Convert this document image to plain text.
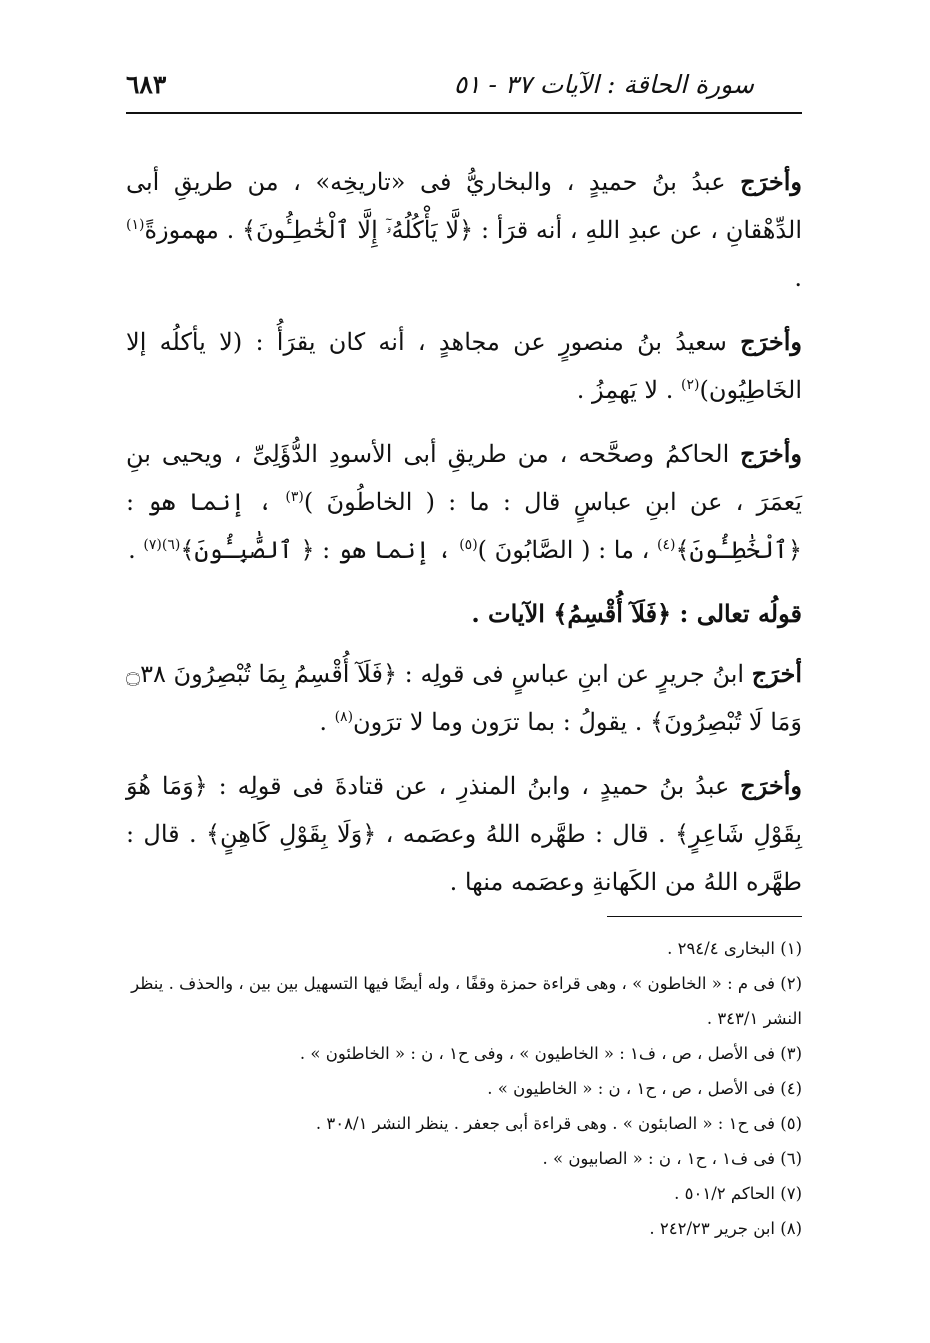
سورة الحاقة : الآيات ٣٧ - ٥١
٦٨٣

وأخرَج عبدُ بنُ حميدٍ ، والبخاريُّ فى «تاريخِه» ، من طريقِ أبى الدِّهْقانِ ، عن عبدِ اللهِ ، أنه قرَأ : ﴿لَّا يَأْكُلُهُۥٓ إِلَّا ٱلْخَٰطِـُٔونَ﴾ . مهموزةً$^{(١)}$ .

وأخرَج سعيدُ بنُ منصورٍ عن مجاهدٍ ، أنه كان يقرَأُ : (لا يأكلُه إلا الخَاطِيُون)$^{(٢)}$ . لا يَهمِزُ .

وأخرَج الحاكمُ وصحَّحه ، من طريقِ أبى الأسودِ الدُّؤَلِىِّ ، ويحيى بنِ يَعمَرَ ، عن ابنِ عباسٍ قال : ما : ( الخاطُونَ )$^{(٣)}$ ، إنما هو : ﴿ٱلْخَٰطِـُٔونَ﴾$^{(٤)}$ ، ما : ( الصَّابُونَ )$^{(٥)}$ ، إنما هو : ﴿ ٱلصَّٰبِـُٔونَ﴾$^{(٦)(٧)}$ .

قولُه تعالى : ﴿فَلَآ أُقْسِمُ﴾ الآيات .

أخرَج ابنُ جريرٍ عن ابنِ عباسٍ فى قولِه : ﴿فَلَآ أُقْسِمُ بِمَا تُبْصِرُونَ ۝٣٨ وَمَا لَا تُبْصِرُونَ﴾ . يقولُ : بما ترَون وما لا ترَون$^{(٨)}$ .

وأخرَج عبدُ بنُ حميدٍ ، وابنُ المنذرِ ، عن قتادةَ فى قولِه : ﴿وَمَا هُوَ بِقَوْلِ شَاعِرٍ﴾ . قال : طهَّره اللهُ وعصَمه ، ﴿وَلَا بِقَوْلِ كَاهِنٍ﴾ . قال : طهَّره اللهُ من الكَهانةِ وعصَمه منها .

(١) البخارى ٢٩٤/٤ .

(٢) فى م : « الخاطون » ، وهى قراءة حمزة وقفًا ، وله أيضًا فيها التسهيل بين بين ، والحذف . ينظر النشر ٣٤٣/١ .

(٣) فى الأصل ، ص ، ف١ : « الخاطيون » ، وفى ح١ ، ن : « الخاطئون » .

(٤) فى الأصل ، ص ، ح١ ، ن : « الخاطيون » .

(٥) فى ح١ : « الصابئون » . وهى قراءة أبى جعفر . ينظر النشر ٣٠٨/١ .

(٦) فى ف١ ، ح١ ، ن : « الصابيون » .

(٧) الحاكم ٥٠١/٢ .

(٨) ابن جرير ٢٤٢/٢٣ .
